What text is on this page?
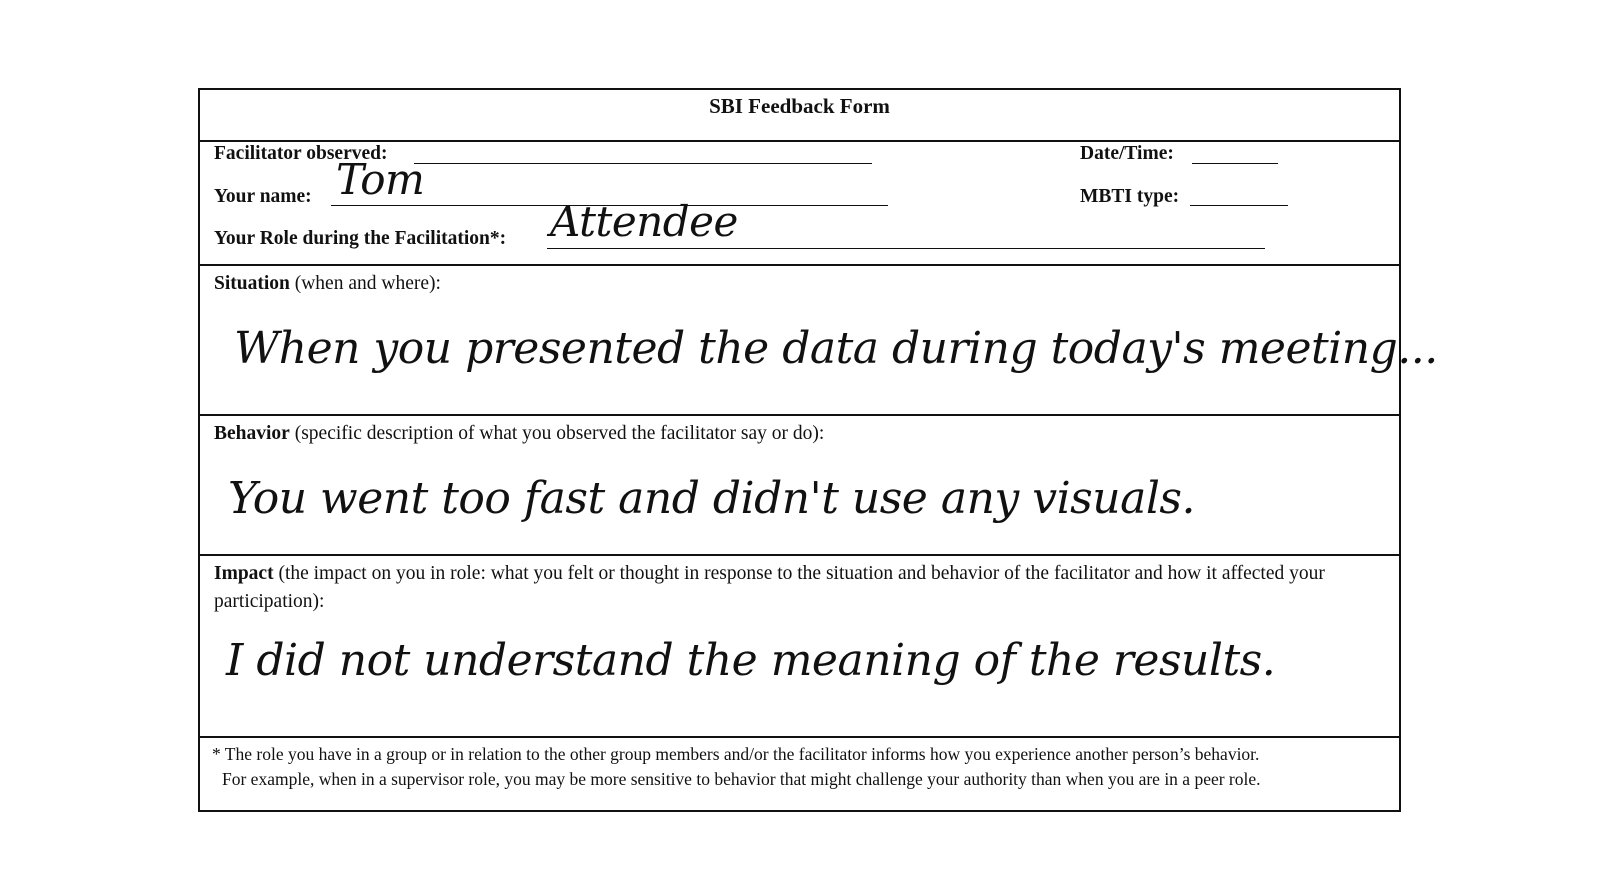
SBI Feedback Form
Facilitator observed:
Your name: Tom
Your Role during the Facilitation*: Attendee
Date/Time:
MBTI type:
Situation (when and where):
When you presented the data during today's meeting...
Behavior (specific description of what you observed the facilitator say or do):
You went too fast and didn't use any visuals.
Impact (the impact on you in role: what you felt or thought in response to the situation and behavior of the facilitator and how it affected your participation):
I did not understand the meaning of the results.
* The role you have in a group or in relation to the other group members and/or the facilitator informs how you experience another person’s behavior.
For example, when in a supervisor role, you may be more sensitive to behavior that might challenge your authority than when you are in a peer role.
